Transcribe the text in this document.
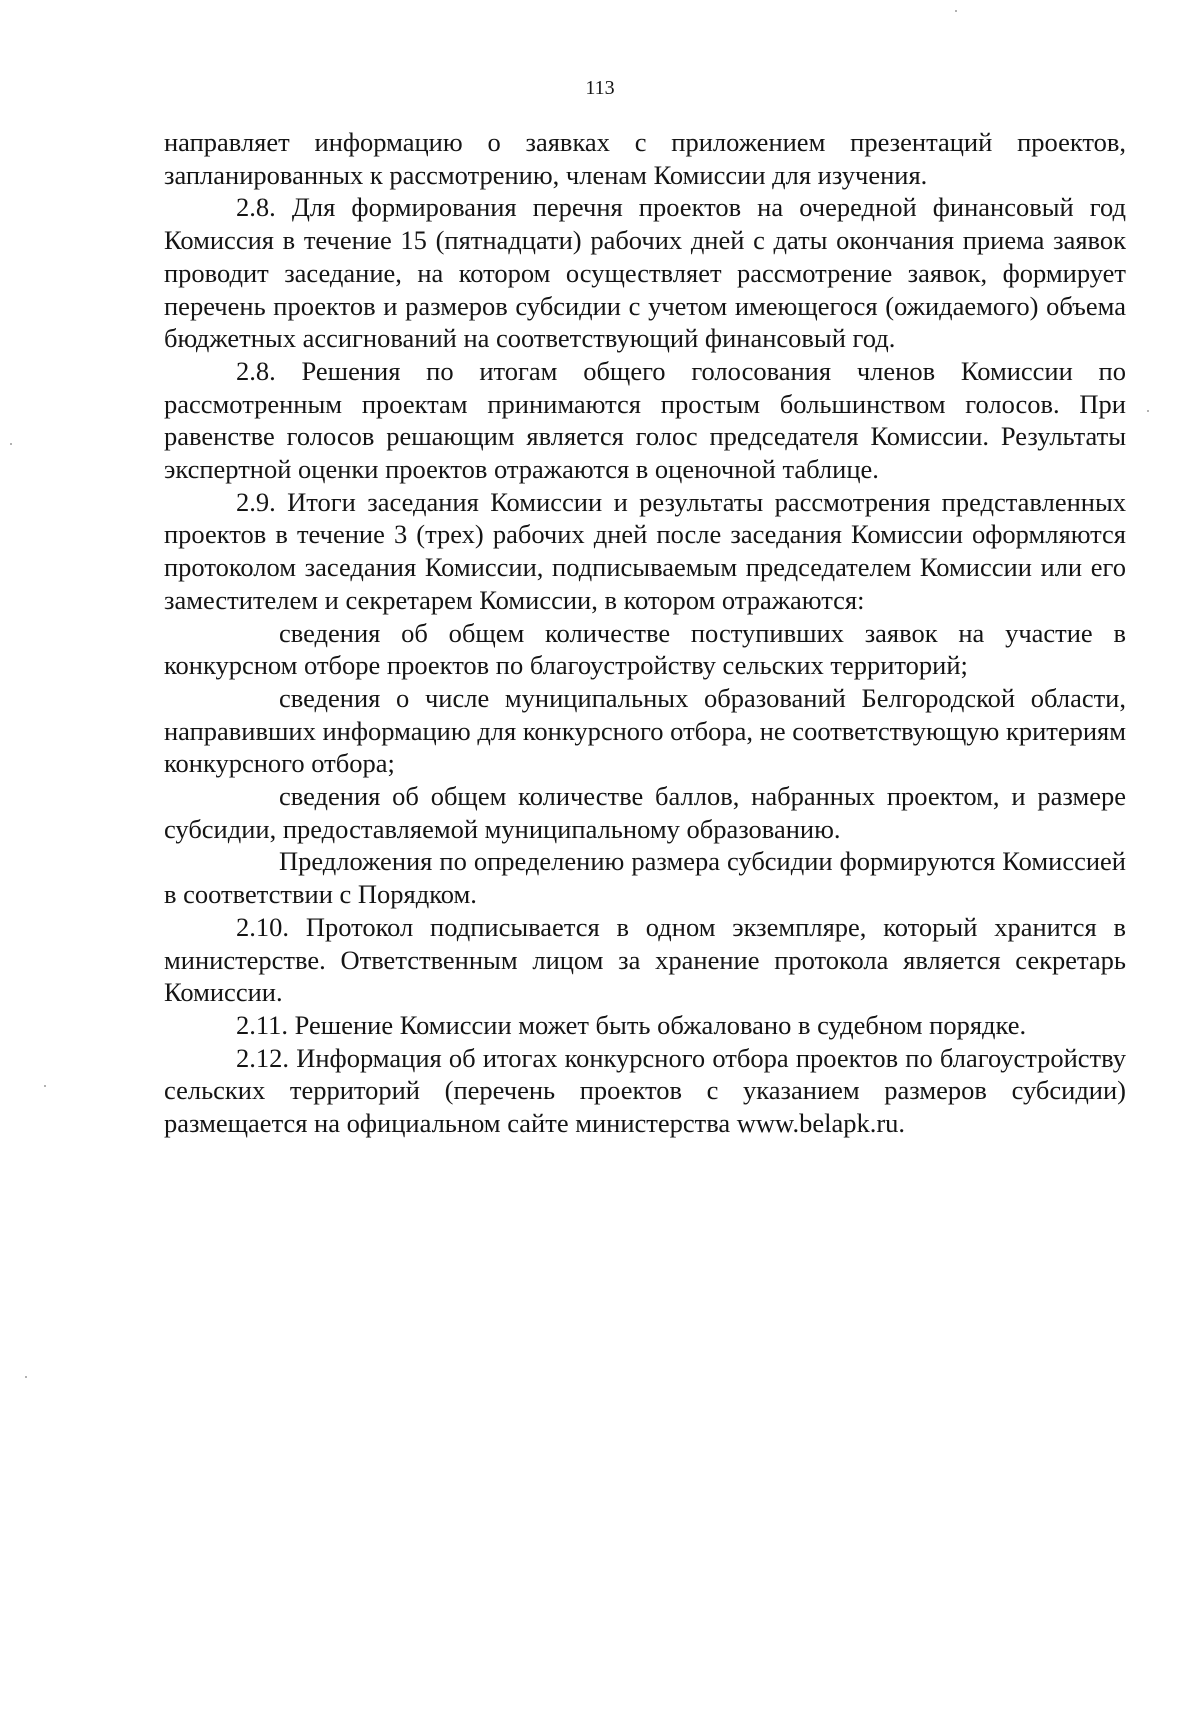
113

направляет информацию о заявках с приложением презентаций проектов, запланированных к рассмотрению, членам Комиссии для изучения.

2.8. Для формирования перечня проектов на очередной финансовый год Комиссия в течение 15 (пятнадцати) рабочих дней с даты окончания приема заявок проводит заседание, на котором осуществляет рассмотрение заявок, формирует перечень проектов и размеров субсидии с учетом имеющегося (ожидаемого) объема бюджетных ассигнований на соответствующий финансовый год.

2.8. Решения по итогам общего голосования членов Комиссии по рассмотренным проектам принимаются простым большинством голосов. При равенстве голосов решающим является голос председателя Комиссии. Результаты экспертной оценки проектов отражаются в оценочной таблице.

2.9. Итоги заседания Комиссии и результаты рассмотрения представленных проектов в течение 3 (трех) рабочих дней после заседания Комиссии оформляются протоколом заседания Комиссии, подписываемым председателем Комиссии или его заместителем и секретарем Комиссии, в котором отражаются:

сведения об общем количестве поступивших заявок на участие в конкурсном отборе проектов по благоустройству сельских территорий;

сведения о числе муниципальных образований Белгородской области, направивших информацию для конкурсного отбора, не соответствующую критериям конкурсного отбора;

сведения об общем количестве баллов, набранных проектом, и размере субсидии, предоставляемой муниципальному образованию.

Предложения по определению размера субсидии формируются Комиссией в соответствии с Порядком.

2.10. Протокол подписывается в одном экземпляре, который хранится в министерстве. Ответственным лицом за хранение протокола является секретарь Комиссии.

2.11. Решение Комиссии может быть обжаловано в судебном порядке.

2.12. Информация об итогах конкурсного отбора проектов по благоустройству сельских территорий (перечень проектов с указанием размеров субсидии) размещается на официальном сайте министерства www.belapk.ru.
